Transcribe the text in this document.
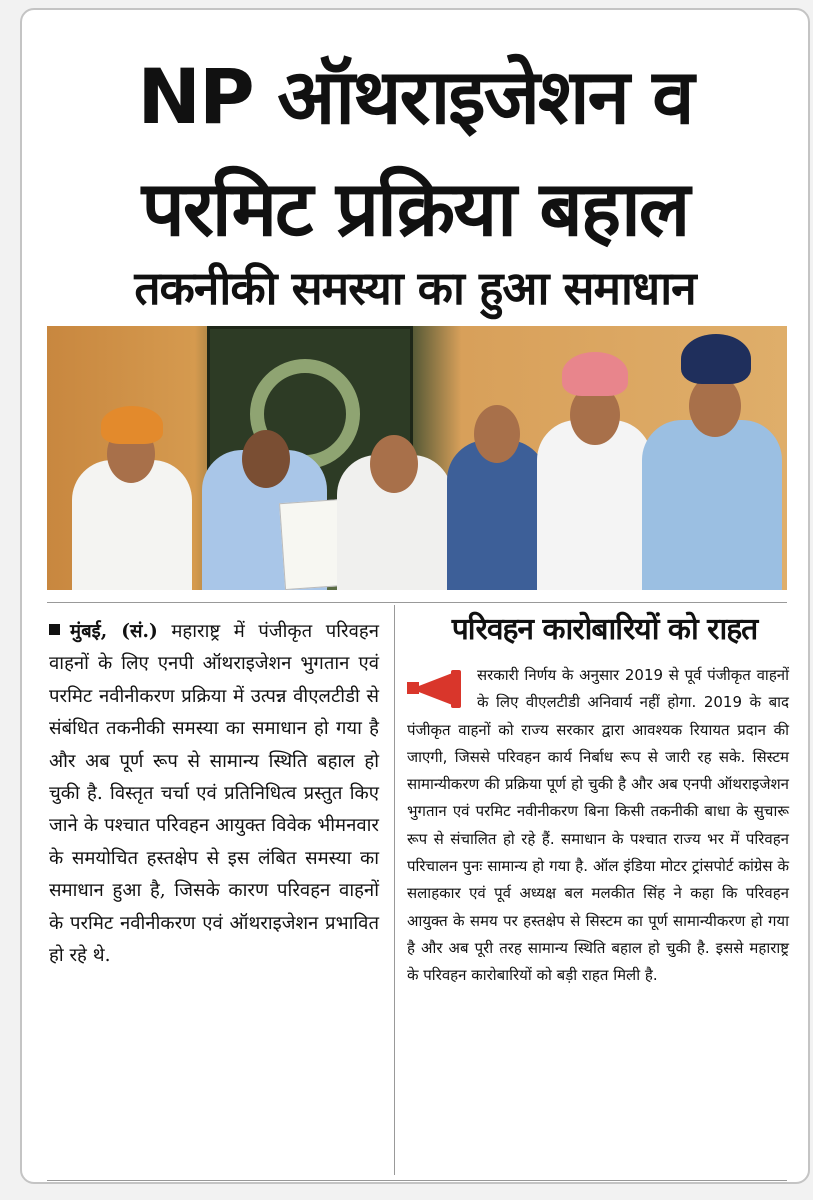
NP ऑथराइजेशन व
परमिट प्रक्रिया बहाल
तकनीकी समस्या का हुआ समाधान

मुंबई, (सं.) महाराष्ट्र में पंजीकृत परिवहन वाहनों के लिए एनपी ऑथराइजेशन भुगतान एवं परमिट नवीनीकरण प्रक्रिया में उत्पन्न वीएलटीडी से संबंधित तकनीकी समस्या का समाधान हो गया है और अब पूर्ण रूप से सामान्य स्थिति बहाल हो चुकी है. विस्तृत चर्चा एवं प्रतिनिधित्व प्रस्तुत किए जाने के पश्चात परिवहन आयुक्त विवेक भीमनवार के समयोचित हस्तक्षेप से इस लंबित समस्या का समाधान हुआ है, जिसके कारण परिवहन वाहनों के परमिट नवीनीकरण एवं ऑथराइजेशन प्रभावित हो रहे थे.

परिवहन कारोबारियों को राहत

सरकारी निर्णय के अनुसार 2019 से पूर्व पंजीकृत वाहनों के लिए वीएलटीडी अनिवार्य नहीं होगा. 2019 के बाद पंजीकृत वाहनों को राज्य सरकार द्वारा आवश्यक रियायत प्रदान की जाएगी, जिससे परिवहन कार्य निर्बाध रूप से जारी रह सके. सिस्टम सामान्यीकरण की प्रक्रिया पूर्ण हो चुकी है और अब एनपी ऑथराइजेशन भुगतान एवं परमिट नवीनीकरण बिना किसी तकनीकी बाधा के सुचारू रूप से संचालित हो रहे हैं. समाधान के पश्चात राज्य भर में परिवहन परिचालन पुनः सामान्य हो गया है. ऑल इंडिया मोटर ट्रांसपोर्ट कांग्रेस के सलाहकार एवं पूर्व अध्यक्ष बल मलकीत सिंह ने कहा कि परिवहन आयुक्त के समय पर हस्तक्षेप से सिस्टम का पूर्ण सामान्यीकरण हो गया है और अब पूरी तरह सामान्य स्थिति बहाल हो चुकी है. इससे महाराष्ट्र के परिवहन कारोबारियों को बड़ी राहत मिली है.
